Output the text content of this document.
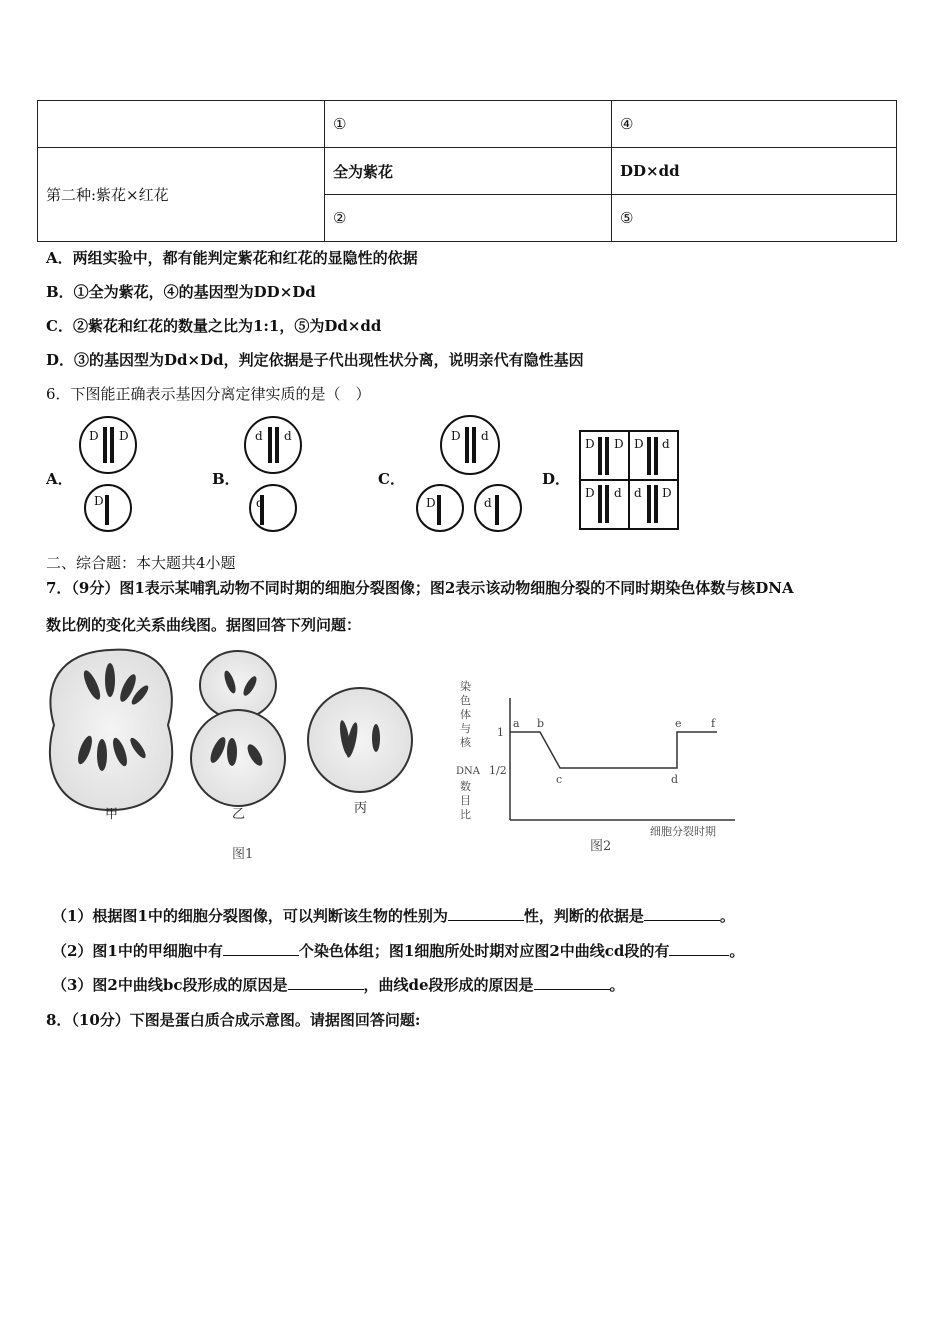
	①	④
第二种:紫花×红花	全为紫花	DD×dd
	②	⑤
A．两组实验中，都有能判定紫花和红花的显隐性的依据
B．①全为紫花，④的基因型为DD×Dd
C．②紫花和红花的数量之比为1:1，⑤为Dd×dd
D．③的基因型为Dd×Dd，判定依据是子代出现性状分离，说明亲代有隐性基因
6．下图能正确表示基因分离定律实质的是（　）
A．	B．	C．	D．
D D
D
d d
d
D d
D	d
D D D d
D d d D
二、综合题：本大题共4小题
7．（9分）图1表示某哺乳动物不同时期的细胞分裂图像；图2表示该动物细胞分裂的不同时期染色体数与核DNA
数比例的变化关系曲线图。据图回答下列问题：
甲	乙	丙
图1
染
色
体
与
核
DNA
数
目
比
1
1/2
a b
c	d
e	f
细胞分裂时期
图2
（1）根据图1中的细胞分裂图像，可以判断该生物的性别为	性，判断的依据是	。
（2）图1中的甲细胞中有	个染色体组；图1细胞所处时期对应图2中曲线cd段的有	。
（3）图2中曲线bc段形成的原因是	，曲线de段形成的原因是	。
8．（10分）下图是蛋白质合成示意图。请据图回答问题:
